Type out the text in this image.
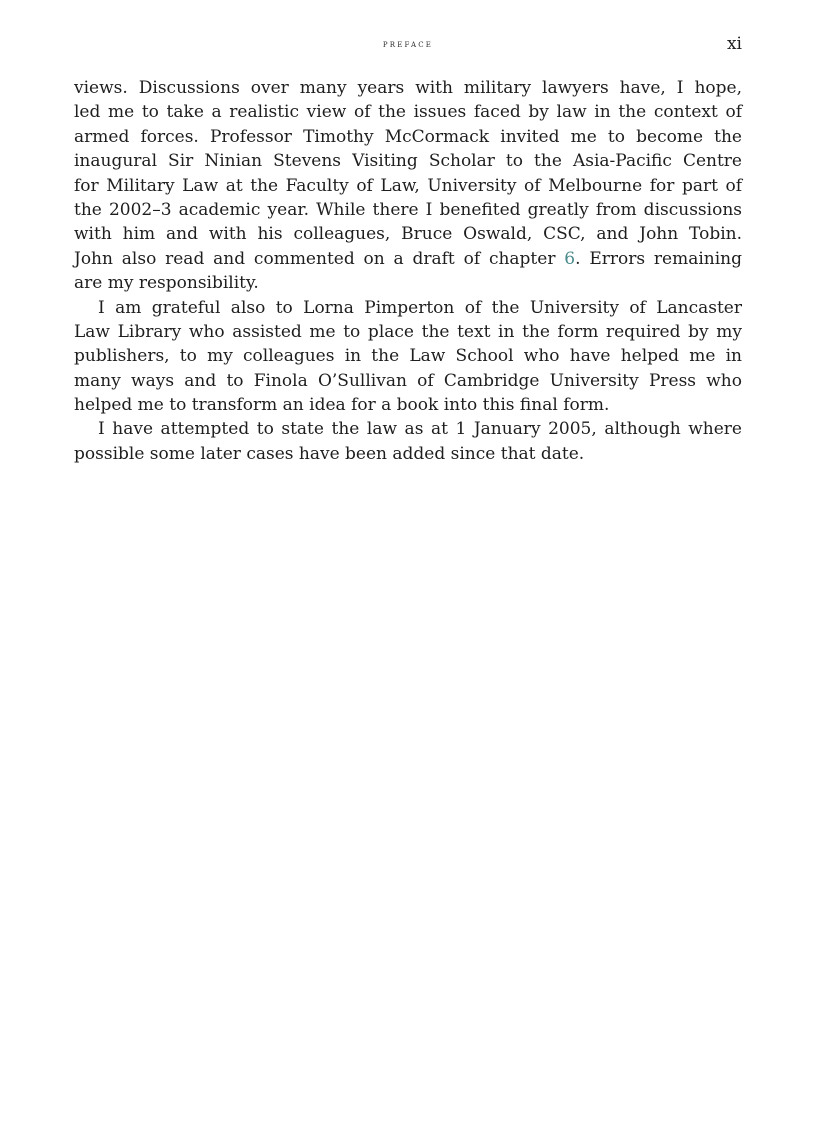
preface	xi
views. Discussions over many years with military lawyers have, I hope,
led me to take a realistic view of the issues faced by law in the context of
armed forces. Professor Timothy McCormack invited me to become the
inaugural Sir Ninian Stevens Visiting Scholar to the Asia-Pacific Centre
for Military Law at the Faculty of Law, University of Melbourne for part of
the 2002–3 academic year. While there I benefited greatly from discussions
with him and with his colleagues, Bruce Oswald, CSC, and John Tobin.
John also read and commented on a draft of chapter 6. Errors remaining
are my responsibility.
I am grateful also to Lorna Pimperton of the University of Lancaster
Law Library who assisted me to place the text in the form required by my
publishers, to my colleagues in the Law School who have helped me in
many ways and to Finola O’Sullivan of Cambridge University Press who
helped me to transform an idea for a book into this final form.
I have attempted to state the law as at 1 January 2005, although where
possible some later cases have been added since that date.
